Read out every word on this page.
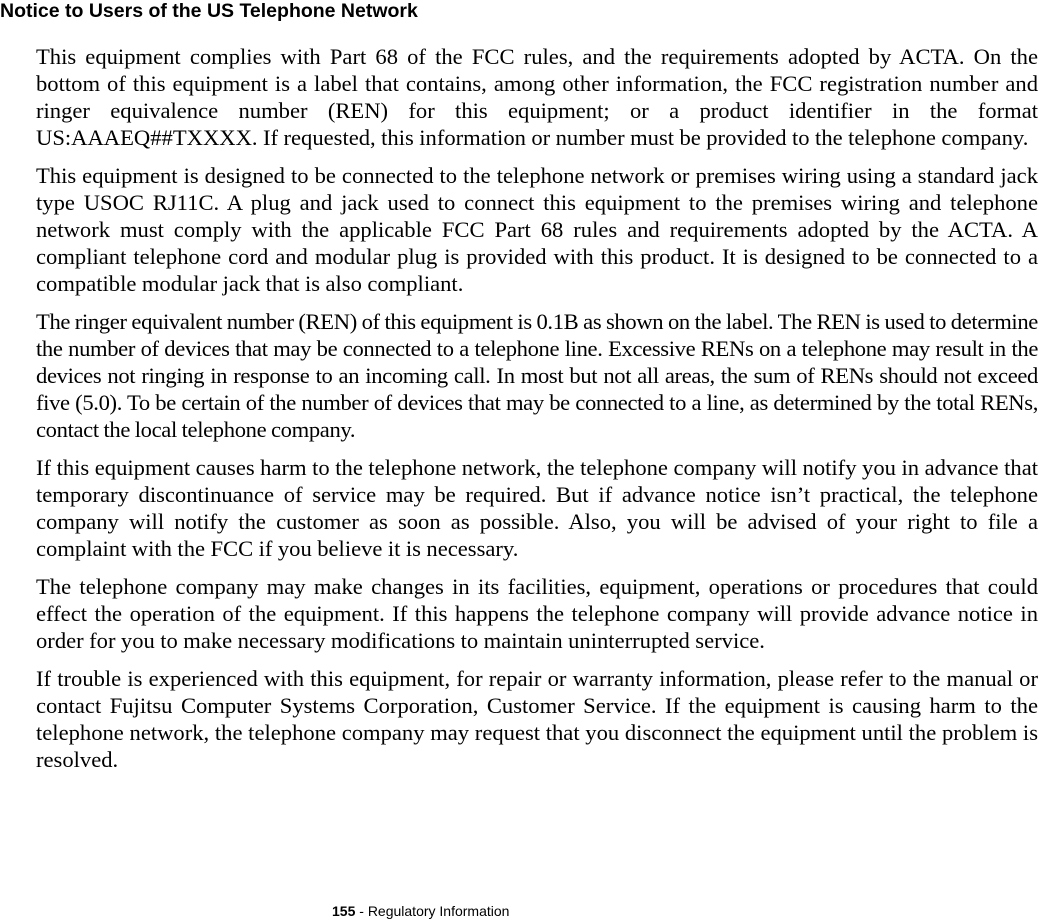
Notice to Users of the US Telephone Network

This equipment complies with Part 68 of the FCC rules, and the requirements adopted by ACTA. On the bottom of this equipment is a label that contains, among other information, the FCC registration number and ringer equivalence number (REN) for this equipment; or a product identifier in the format US:AAAEQ##TXXXX. If requested, this information or number must be provided to the telephone company.

This equipment is designed to be connected to the telephone network or premises wiring using a standard jack type USOC RJ11C. A plug and jack used to connect this equipment to the premises wiring and telephone network must comply with the applicable FCC Part 68 rules and requirements adopted by the ACTA. A compliant telephone cord and modular plug is provided with this product. It is designed to be connected to a compatible modular jack that is also compliant.

The ringer equivalent number (REN) of this equipment is 0.1B as shown on the label. The REN is used to determine the number of devices that may be connected to a telephone line. Excessive RENs on a telephone may result in the devices not ringing in response to an incoming call. In most but not all areas, the sum of RENs should not exceed five (5.0). To be certain of the number of devices that may be connected to a line, as determined by the total RENs, contact the local telephone company.

If this equipment causes harm to the telephone network, the telephone company will notify you in advance that temporary discontinuance of service may be required. But if advance notice isn’t practical, the telephone company will notify the customer as soon as possible. Also, you will be advised of your right to file a complaint with the FCC if you believe it is necessary.

The telephone company may make changes in its facilities, equipment, operations or procedures that could effect the operation of the equipment. If this happens the telephone company will provide advance notice in order for you to make necessary modifications to maintain uninterrupted service.

If trouble is experienced with this equipment, for repair or warranty information, please refer to the manual or contact Fujitsu Computer Systems Corporation, Customer Service. If the equipment is causing harm to the telephone network, the telephone company may request that you disconnect the equipment until the problem is resolved.

155 - Regulatory Information
